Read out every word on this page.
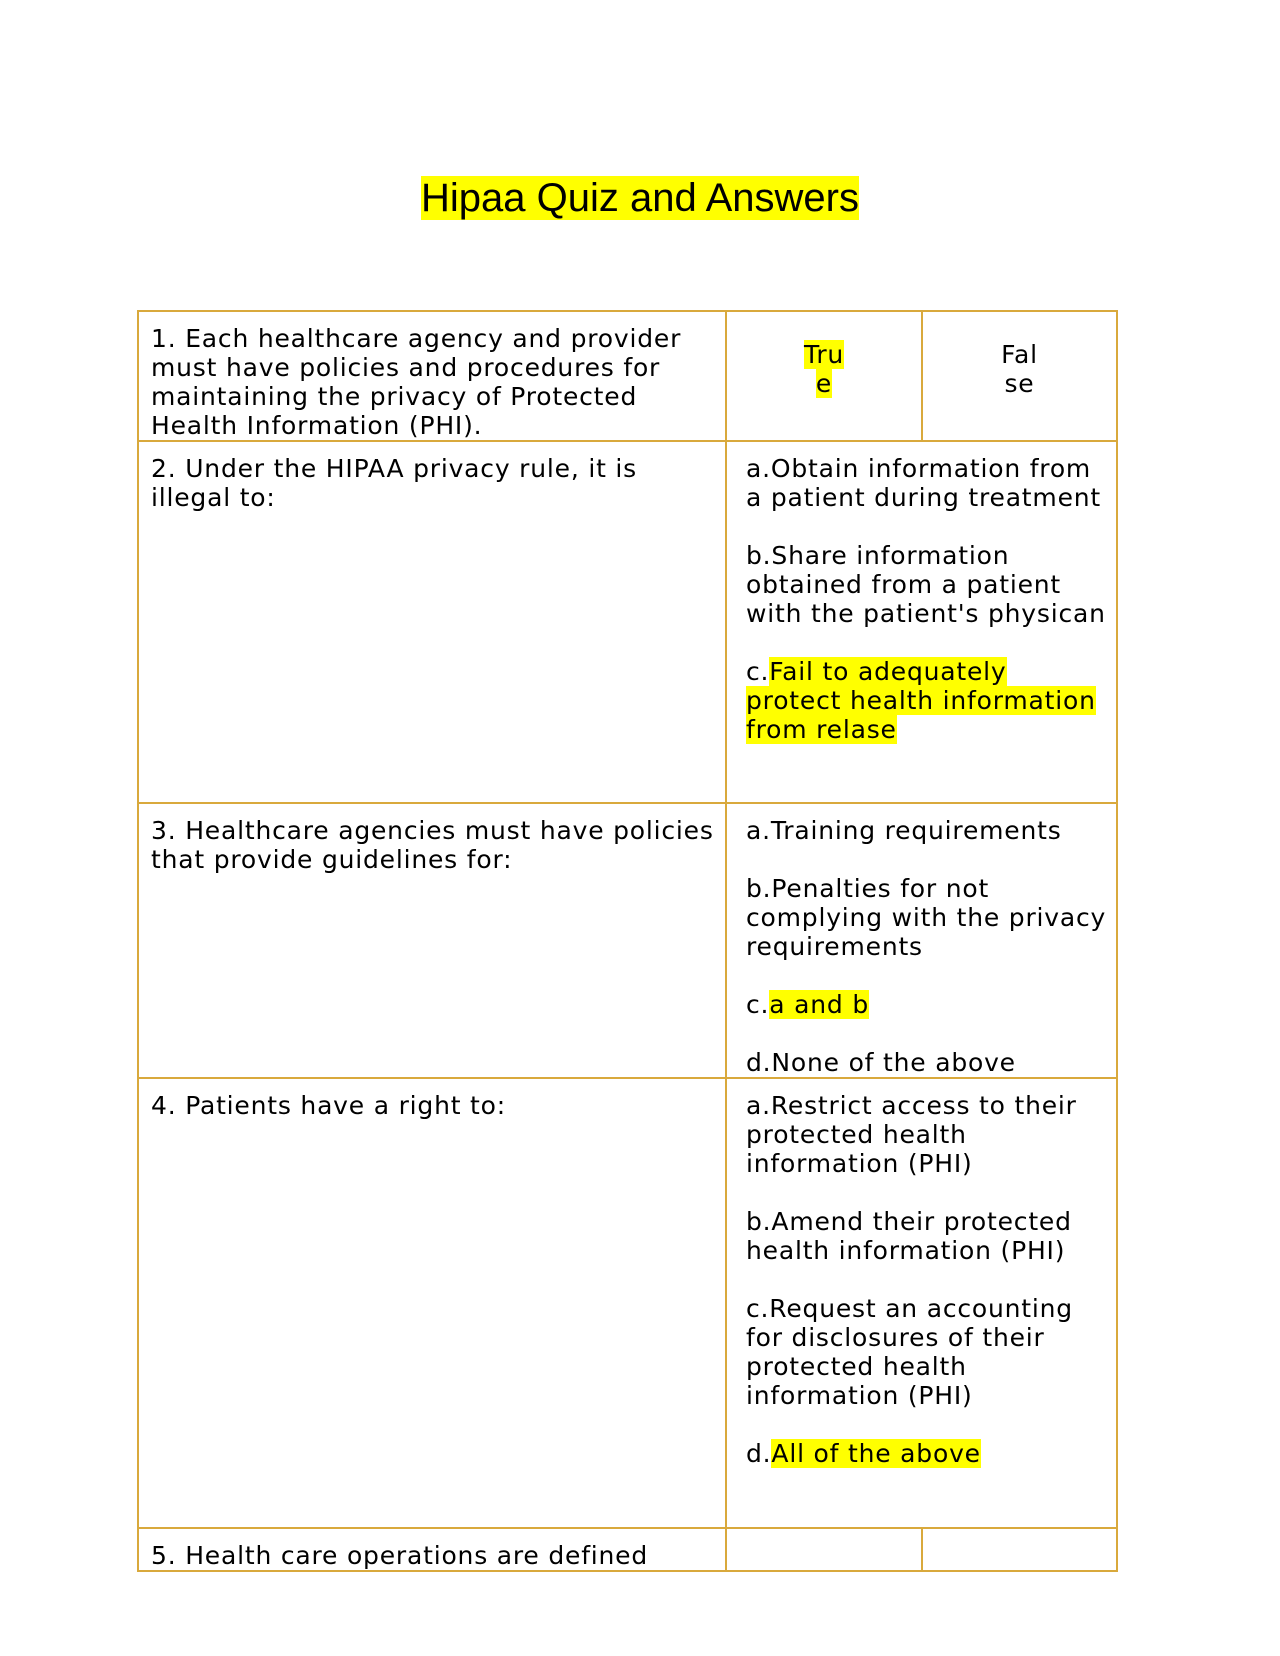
Hipaa Quiz and Answers
1. Each healthcare agency and provider must have policies and procedures for maintaining the privacy of Protected Health Information (PHI).	Tru
e	Fal
se
2. Under the HIPAA privacy rule, it is illegal to:	a.Obtain information from a patient during treatment

b.Share information obtained from a patient with the patient's physican

c.Fail to adequately protect health information from relase	

3. Healthcare agencies must have policies that provide guidelines for:	a.Training requirements

b.Penalties for not complying with the privacy requirements

c.a and b

d.None of the above	

4. Patients have a right to:	a.Restrict access to their protected health information (PHI)

b.Amend their protected health information (PHI)

c.Request an accounting for disclosures of their protected health information (PHI)

d.All of the above	

5. Health care operations are defined		
